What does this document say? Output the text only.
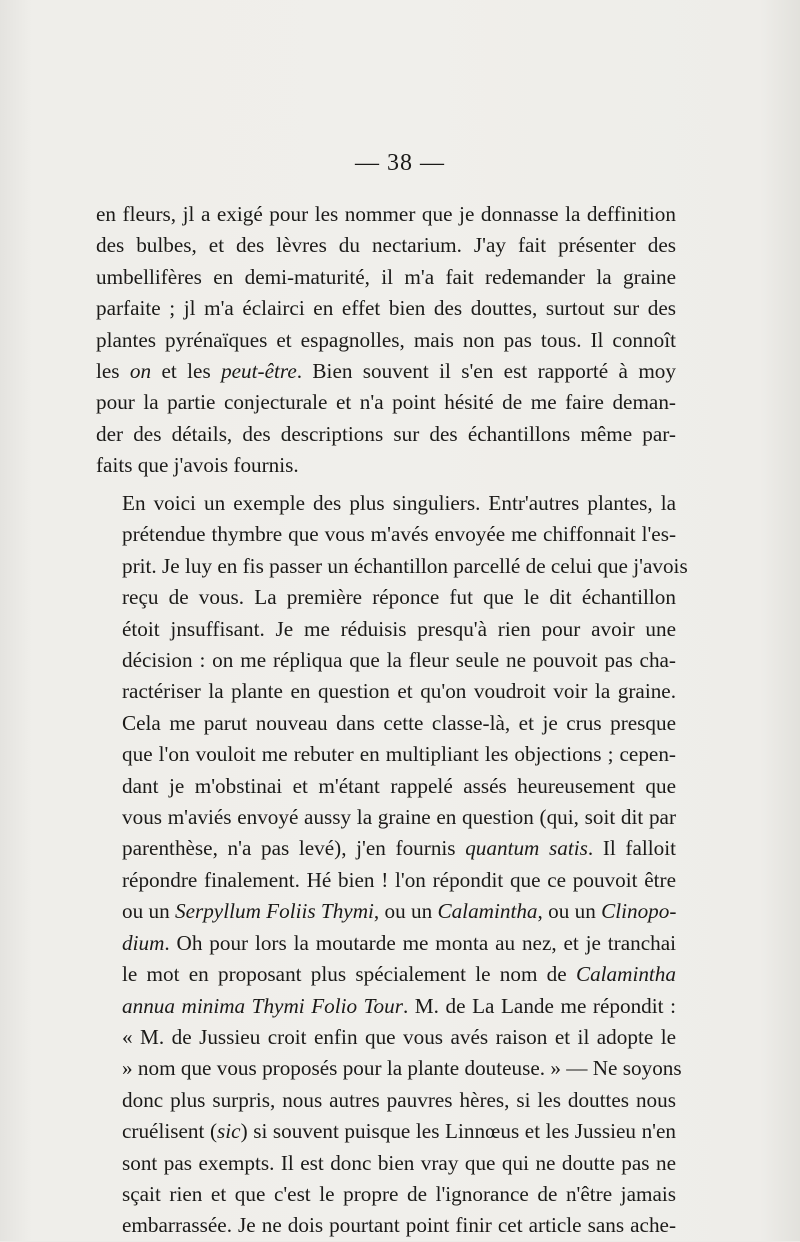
— 38 —
en fleurs, jl a exigé pour les nommer que je donnasse la deffinition
des bulbes, et des lèvres du nectarium. J'ay fait présenter des
umbellifères en demi-maturité, il m'a fait redemander la graine
parfaite ; jl m'a éclairci en effet bien des douttes, surtout sur des
plantes pyrénaïques et espagnolles, mais non pas tous. Il connoît
les on et les peut-être. Bien souvent il s'en est rapporté à moy
pour la partie conjecturale et n'a point hésité de me faire deman-
der des détails, des descriptions sur des échantillons même par-
faits que j'avois fournis.
En voici un exemple des plus singuliers. Entr'autres plantes, la
prétendue thymbre que vous m'avés envoyée me chiffonnait l'es-
prit. Je luy en fis passer un échantillon parcellé de celui que j'avois
reçu de vous. La première réponce fut que le dit échantillon
étoit jnsuffisant. Je me réduisis presqu'à rien pour avoir une
décision : on me répliqua que la fleur seule ne pouvoit pas cha-
ractériser la plante en question et qu'on voudroit voir la graine.
Cela me parut nouveau dans cette classe-là, et je crus presque
que l'on vouloit me rebuter en multipliant les objections ; cepen-
dant je m'obstinai et m'étant rappelé assés heureusement que
vous m'aviés envoyé aussy la graine en question (qui, soit dit par
parenthèse, n'a pas levé), j'en fournis quantum satis. Il falloit
répondre finalement. Hé bien ! l'on répondit que ce pouvoit être
ou un Serpyllum Foliis Thymi, ou un Calamintha, ou un Clinopo-
dium. Oh pour lors la moutarde me monta au nez, et je tranchai
le mot en proposant plus spécialement le nom de Calamintha
annua minima Thymi Folio Tour. M. de La Lande me répondit :
« M. de Jussieu croit enfin que vous avés raison et il adopte le
» nom que vous proposés pour la plante douteuse. » — Ne soyons
donc plus surpris, nous autres pauvres hères, si les douttes nous
cruélisent (sic) si souvent puisque les Linnœus et les Jussieu n'en
sont pas exempts. Il est donc bien vray que qui ne doutte pas ne
sçait rien et que c'est le propre de l'ignorance de n'être jamais
embarrassée. Je ne dois pourtant point finir cet article sans ache-
